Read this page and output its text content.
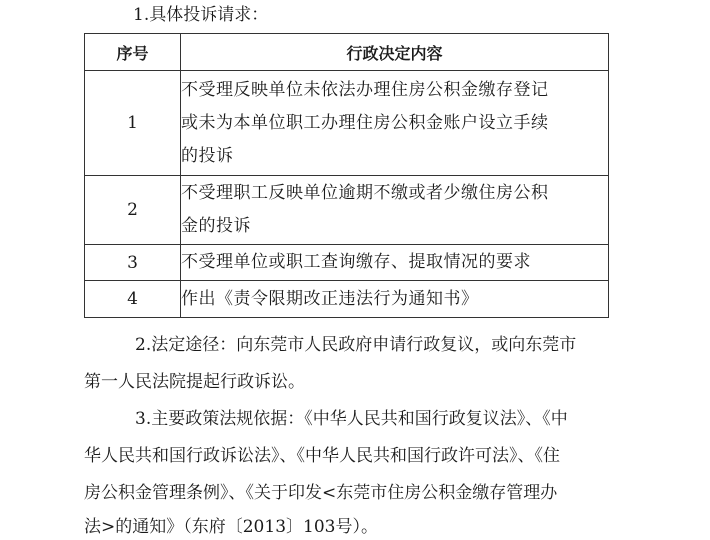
1.具体投诉请求：
序号	行政决定内容
1	不受理反映单位未依法办理住房公积金缴存登记
或未为本单位职工办理住房公积金账户设立手续
的投诉

2	不受理职工反映单位逾期不缴或者少缴住房公积
金的投诉

3	不受理单位或职工查询缴存、提取情况的要求

4	作出《责令限期改正违法行为通知书》
2.法定途径：向东莞市人民政府申请行政复议，或向东莞市
第一人民法院提起行政诉讼。
3.主要政策法规依据：《中华人民共和国行政复议法》、《中
华人民共和国行政诉讼法》、《中华人民共和国行政许可法》、《住
房公积金管理条例》、《关于印发<东莞市住房公积金缴存管理办
法>的通知》（东府〔2013〕103号）。
